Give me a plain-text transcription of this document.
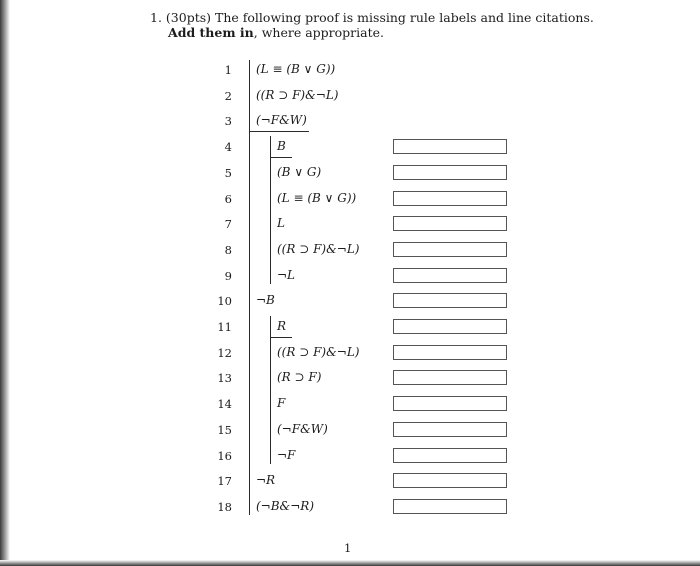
1. (30pts) The following proof is missing rule labels and line citations.
Add them in, where appropriate.
1 (L ≡ (B ∨ G))
2 ((R ⊃ F)&¬L)
3 (¬F&W)
4	B
5	(B ∨ G)
6	(L ≡ (B ∨ G))
7	L
8	((R ⊃ F)&¬L)
9	¬L
10 ¬B
11	R
12	((R ⊃ F)&¬L)
13	(R ⊃ F)
14	F
15	(¬F&W)
16	¬F
17 ¬R
18 (¬B&¬R)
1
